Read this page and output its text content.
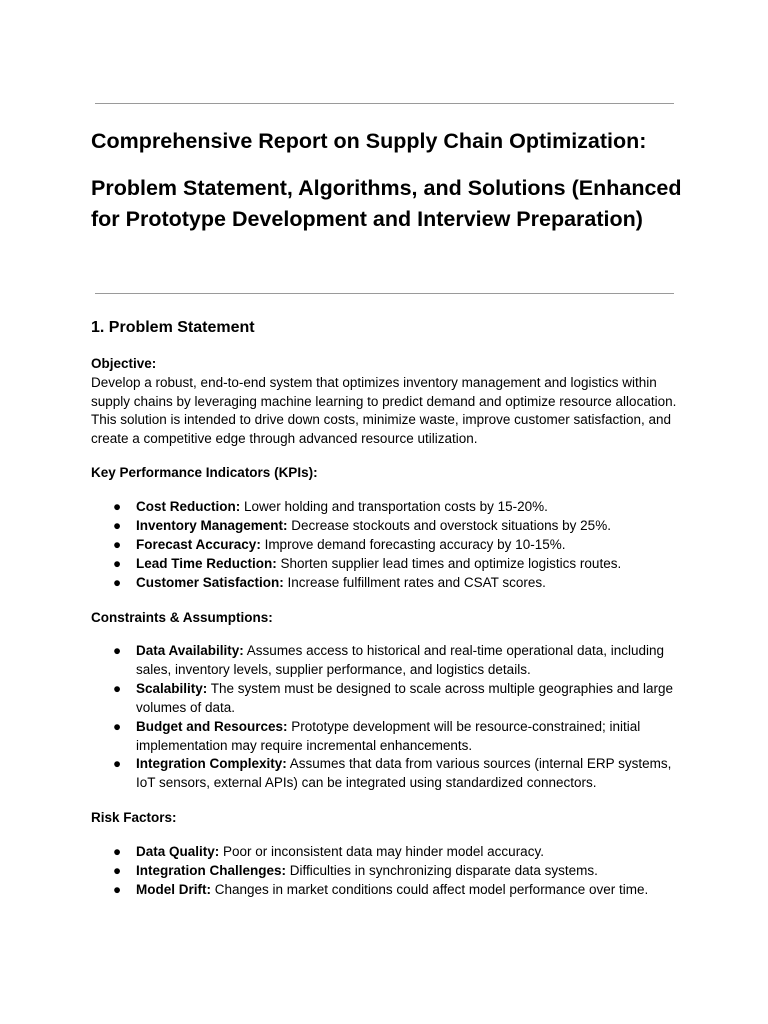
Comprehensive Report on Supply Chain Optimization:
Problem Statement, Algorithms, and Solutions (Enhanced for Prototype Development and Interview Preparation)
1. Problem Statement

Objective:

Develop a robust, end-to-end system that optimizes inventory management and logistics within supply chains by leveraging machine learning to predict demand and optimize resource allocation. This solution is intended to drive down costs, minimize waste, improve customer satisfaction, and create a competitive edge through advanced resource utilization.

Key Performance Indicators (KPIs):

● Cost Reduction: Lower holding and transportation costs by 15-20%.
● Inventory Management: Decrease stockouts and overstock situations by 25%.
● Forecast Accuracy: Improve demand forecasting accuracy by 10-15%.
● Lead Time Reduction: Shorten supplier lead times and optimize logistics routes.
● Customer Satisfaction: Increase fulfillment rates and CSAT scores.

Constraints & Assumptions:

● Data Availability: Assumes access to historical and real-time operational data, including sales, inventory levels, supplier performance, and logistics details.
● Scalability: The system must be designed to scale across multiple geographies and large volumes of data.
● Budget and Resources: Prototype development will be resource-constrained; initial implementation may require incremental enhancements.
● Integration Complexity: Assumes that data from various sources (internal ERP systems, IoT sensors, external APIs) can be integrated using standardized connectors.

Risk Factors:

● Data Quality: Poor or inconsistent data may hinder model accuracy.
● Integration Challenges: Difficulties in synchronizing disparate data systems.
● Model Drift: Changes in market conditions could affect model performance over time.
